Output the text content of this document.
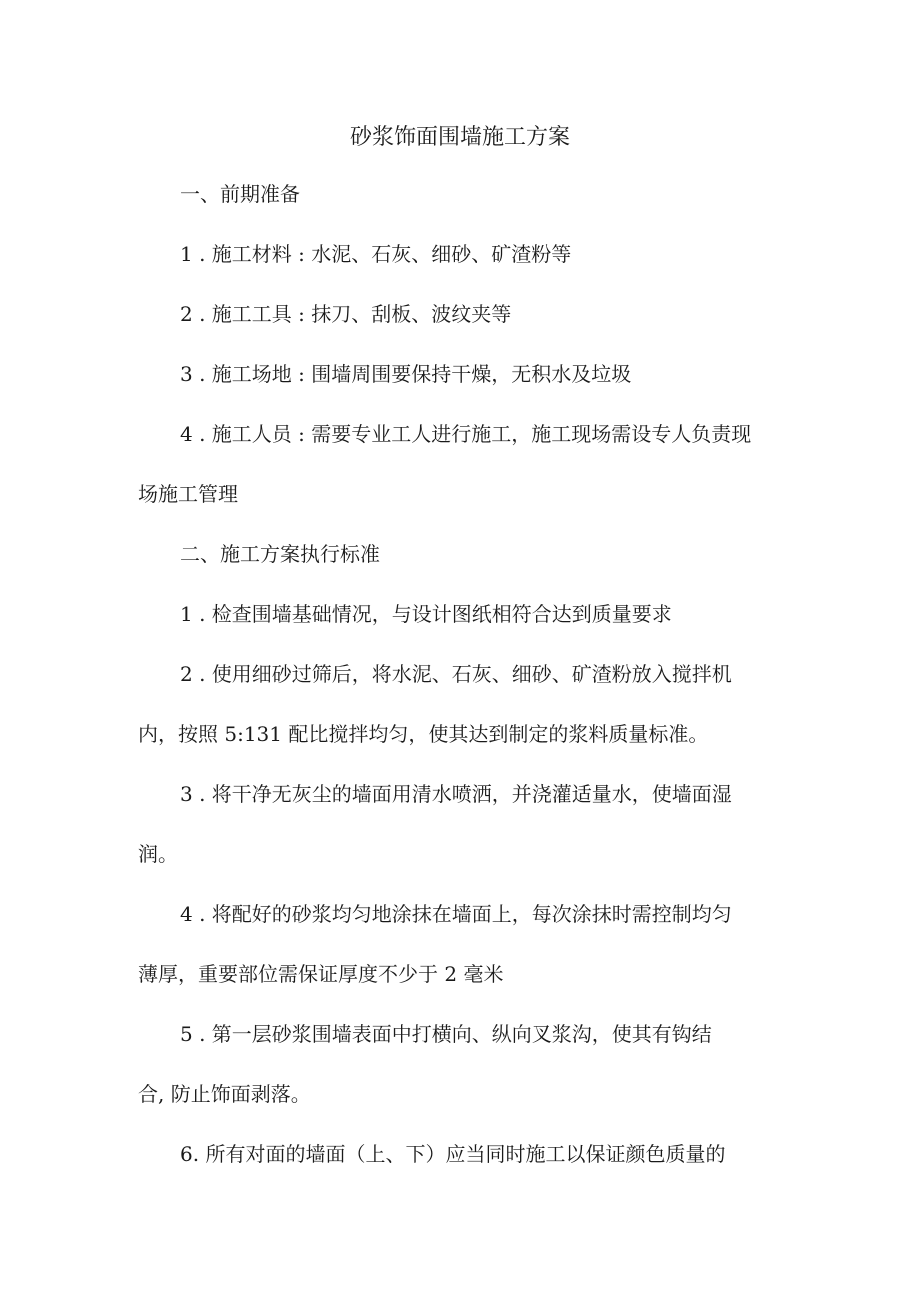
砂浆饰面围墙施工方案

一、前期准备

1 . 施工材料 : 水泥、石灰、细砂、矿渣粉等

2 . 施工工具 : 抹刀、刮板、波纹夹等

3 . 施工场地 : 围墙周围要保持干燥，无积水及垃圾

4 . 施工人员 : 需要专业工人进行施工，施工现场需设专人负责现

场施工管理

二、施工方案执行标准

1 . 检查围墙基础情况，与设计图纸相符合达到质量要求

2 . 使用细砂过筛后，将水泥、石灰、细砂、矿渣粉放入搅拌机

内，按照 5:131 配比搅拌均匀，使其达到制定的浆料质量标准。

3 . 将干净无灰尘的墙面用清水喷洒，并浇灌适量水，使墙面湿

润。

4 . 将配好的砂浆均匀地涂抹在墙面上，每次涂抹时需控制均匀

薄厚，重要部位需保证厚度不少于 2 毫米

5 . 第一层砂浆围墙表面中打横向、纵向叉浆沟，使其有钩结

合, 防止饰面剥落。

6. 所有对面的墙面（上、下）应当同时施工以保证颜色质量的
